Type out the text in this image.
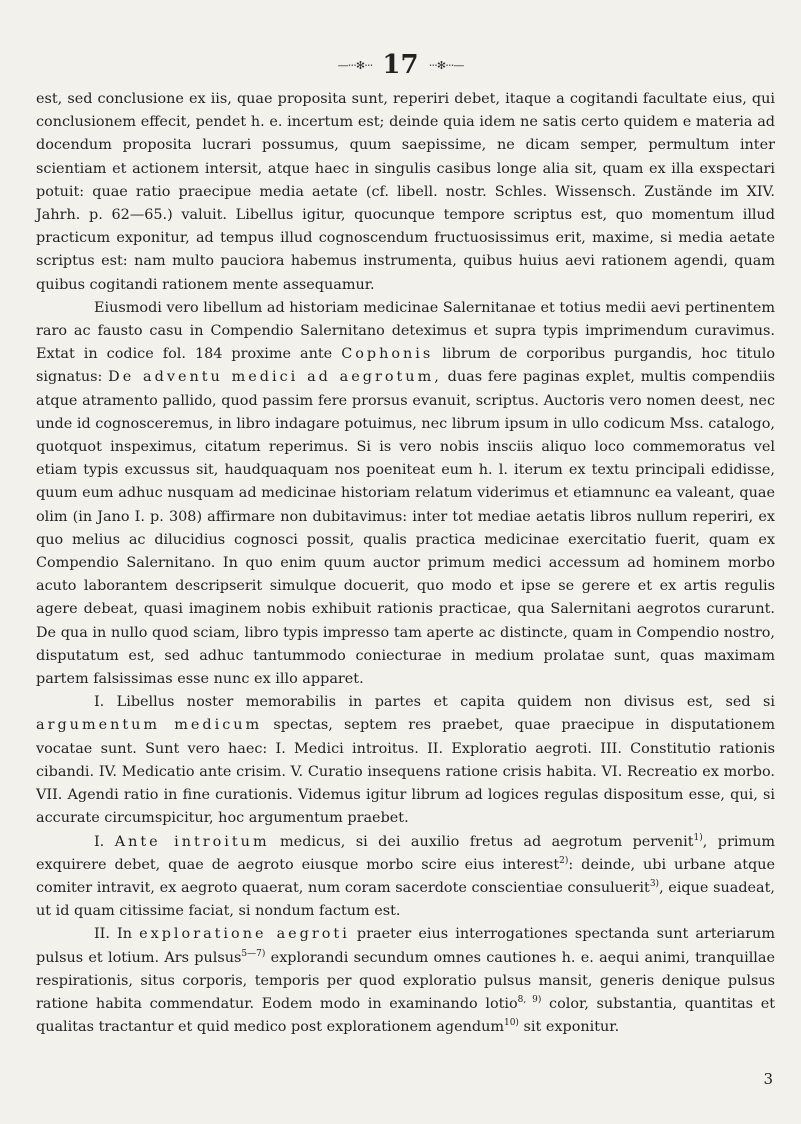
—⋅⋅⋅✻⋅⋅⋅ 17 ⋅⋅⋅✻⋅⋅⋅—

est, sed conclusione ex iis, quae proposita sunt, reperiri debet, itaque a cogitandi facultate eius, qui conclusionem effecit, pendet h. e. incertum est; deinde quia idem ne satis certo quidem e materia ad docendum proposita lucrari possumus, quum saepissime, ne dicam semper, permultum inter scientiam et actionem intersit, atque haec in singulis casibus longe alia sit, quam ex illa exspectari potuit: quae ratio praecipue media aetate (cf. libell. nostr. Schles. Wissensch. Zustände im XIV. Jahrh. p. 62—65.) valuit. Libellus igitur, quocunque tempore scriptus est, quo momentum illud practicum exponitur, ad tempus illud cognoscendum fructuosissimus erit, maxime, si media aetate scriptus est: nam multo pauciora habemus instrumenta, quibus huius aevi rationem agendi, quam quibus cogitandi rationem mente assequamur.

Eiusmodi vero libellum ad historiam medicinae Salernitanae et totius medii aevi pertinentem raro ac fausto casu in Compendio Salernitano deteximus et supra typis imprimendum curavimus. Extat in codice fol. 184 proxime ante Cophonis librum de corporibus purgandis, hoc titulo signatus: De adventu medici ad aegrotum, duas fere paginas explet, multis compendiis atque atramento pallido, quod passim fere prorsus evanuit, scriptus. Auctoris vero nomen deest, nec unde id cognosceremus, in libro indagare potuimus, nec librum ipsum in ullo codicum Mss. catalogo, quotquot inspeximus, citatum reperimus. Si is vero nobis insciis aliquo loco commemoratus vel etiam typis excussus sit, haudquaquam nos poeniteat eum h. l. iterum ex textu principali edidisse, quum eum adhuc nusquam ad medicinae historiam relatum viderimus et etiamnunc ea valeant, quae olim (in Jano I. p. 308) affirmare non dubitavimus: inter tot mediae aetatis libros nullum reperiri, ex quo melius ac dilucidius cognosci possit, qualis practica medicinae exercitatio fuerit, quam ex Compendio Salernitano. In quo enim quum auctor primum medici accessum ad hominem morbo acuto laborantem descripserit simulque docuerit, quo modo et ipse se gerere et ex artis regulis agere debeat, quasi imaginem nobis exhibuit rationis practicae, qua Salernitani aegrotos curarunt. De qua in nullo quod sciam, libro typis impresso tam aperte ac distincte, quam in Compendio nostro, disputatum est, sed adhuc tantummodo coniecturae in medium prolatae sunt, quas maximam partem falsissimas esse nunc ex illo apparet.

I. Libellus noster memorabilis in partes et capita quidem non divisus est, sed si argumentum medicum spectas, septem res praebet, quae praecipue in disputationem vocatae sunt. Sunt vero haec: I. Medici introitus. II. Exploratio aegroti. III. Constitutio rationis cibandi. IV. Medicatio ante crisim. V. Curatio insequens ratione crisis habita. VI. Recreatio ex morbo. VII. Agendi ratio in fine curationis. Videmus igitur librum ad logices regulas dispositum esse, qui, si accurate circumspicitur, hoc argumentum praebet.

I. Ante introitum medicus, si dei auxilio fretus ad aegrotum pervenit$^{1)}$, primum exquirere debet, quae de aegroto eiusque morbo scire eius interest$^{2)}$: deinde, ubi urbane atque comiter intravit, ex aegroto quaerat, num coram sacerdote conscientiae consuluerit$^{3)}$, eique suadeat, ut id quam citissime faciat, si nondum factum est.

II. In exploratione aegroti praeter eius interrogationes spectanda sunt arteriarum pulsus et lotium. Ars pulsus$^{5—7)}$ explorandi secundum omnes cautiones h. e. aequi animi, tranquillae respirationis, situs corporis, temporis per quod exploratio pulsus mansit, generis denique pulsus ratione habita commendatur. Eodem modo in examinando lotio$^{8, 9)}$ color, substantia, quantitas et qualitas tractantur et quid medico post explorationem agendum$^{10)}$ sit exponitur.

3
